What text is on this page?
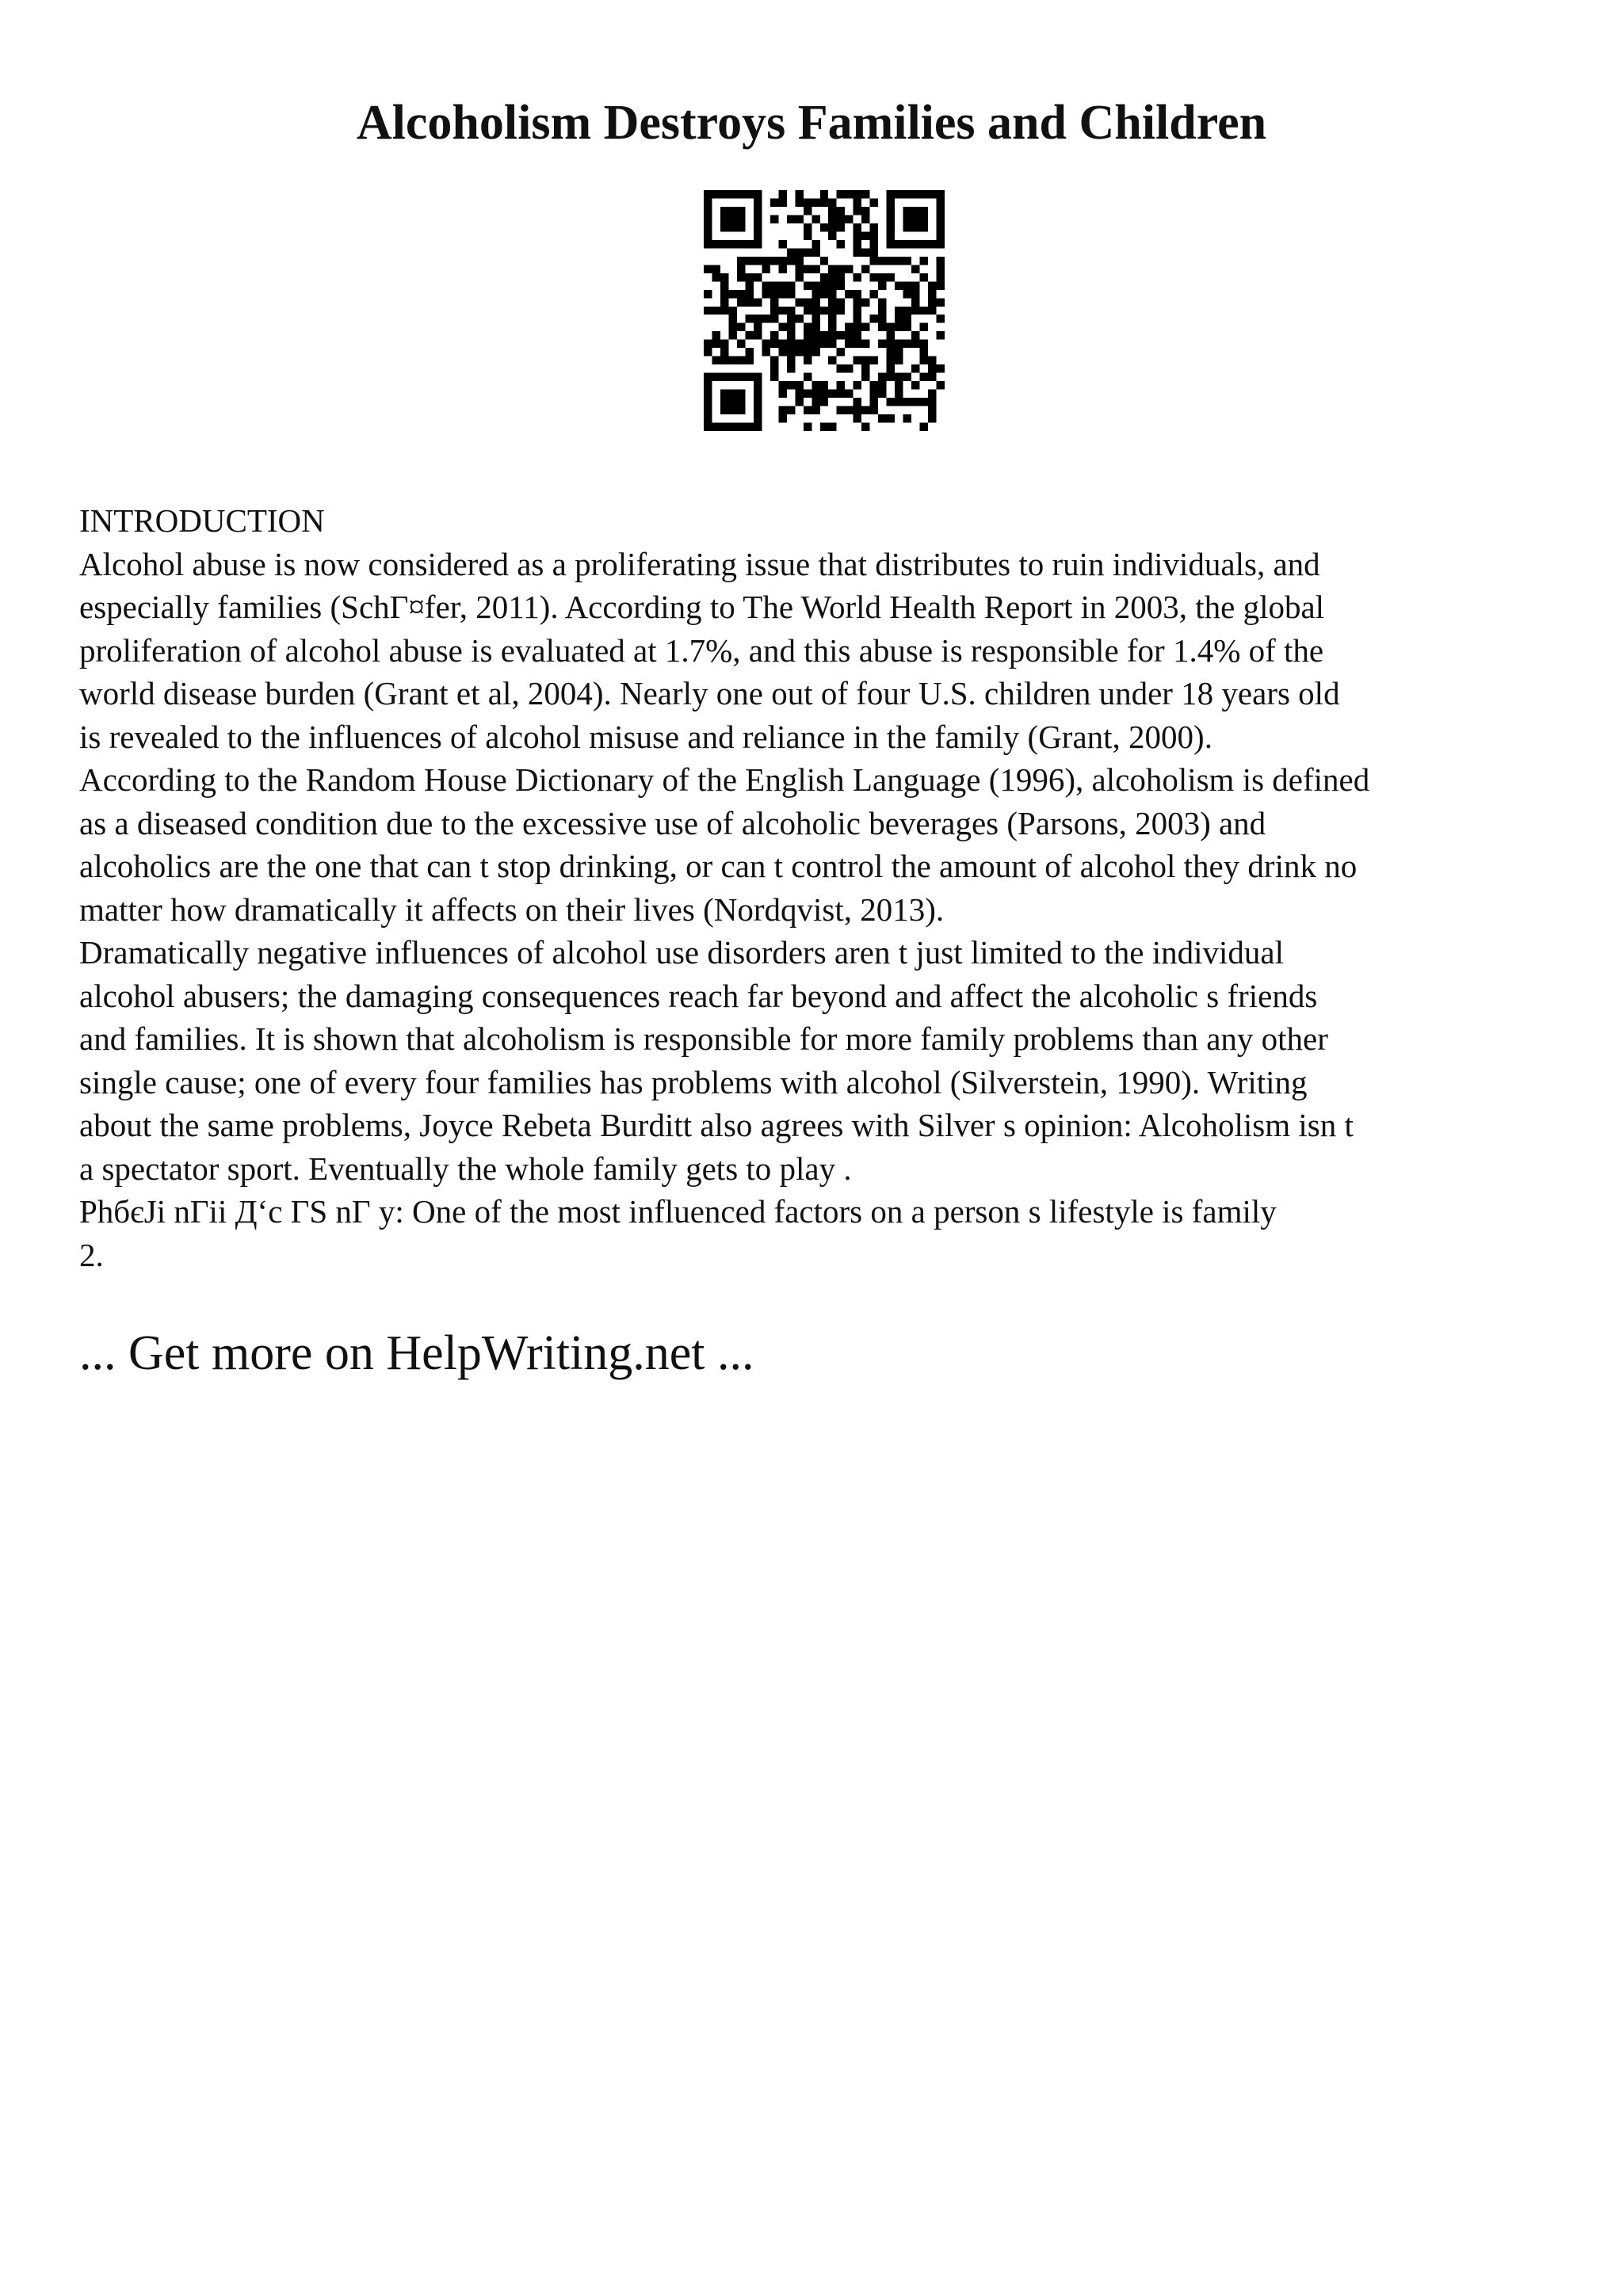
Alcoholism Destroys Families and Children
INTRODUCTION
Alcohol abuse is now considered as a proliferating issue that distributes to ruin individuals, and
especially families (SchГ¤fer, 2011). According to The World Health Report in 2003, the global
proliferation of alcohol abuse is evaluated at 1.7%, and this abuse is responsible for 1.4% of the
world disease burden (Grant et al, 2004). Nearly one out of four U.S. children under 18 years old
is revealed to the influences of alcohol misuse and reliance in the family (Grant, 2000).
According to the Random House Dictionary of the English Language (1996), alcoholism is defined
as a diseased condition due to the excessive use of alcoholic beverages (Parsons, 2003) and
alcoholics are the one that can t stop drinking, or can t control the amount of alcohol they drink no
matter how dramatically it affects on their lives (Nordqvist, 2013).
Dramatically negative influences of alcohol use disorders aren t just limited to the individual
alcohol abusers; the damaging consequences reach far beyond and affect the alcoholic s friends
and families. It is shown that alcoholism is responsible for more family problems than any other
single cause; one of every four families has problems with alcohol (Silverstein, 1990). Writing
about the same problems, Joyce Rebeta Burditt also agrees with Silver s opinion: Alcoholism isn t
a spectator sport. Eventually the whole family gets to play .
PhбєJi nГii Д‘c ГЅ nГ y: One of the most influenced factors on a person s lifestyle is family
2.
... Get more on HelpWriting.net ...
